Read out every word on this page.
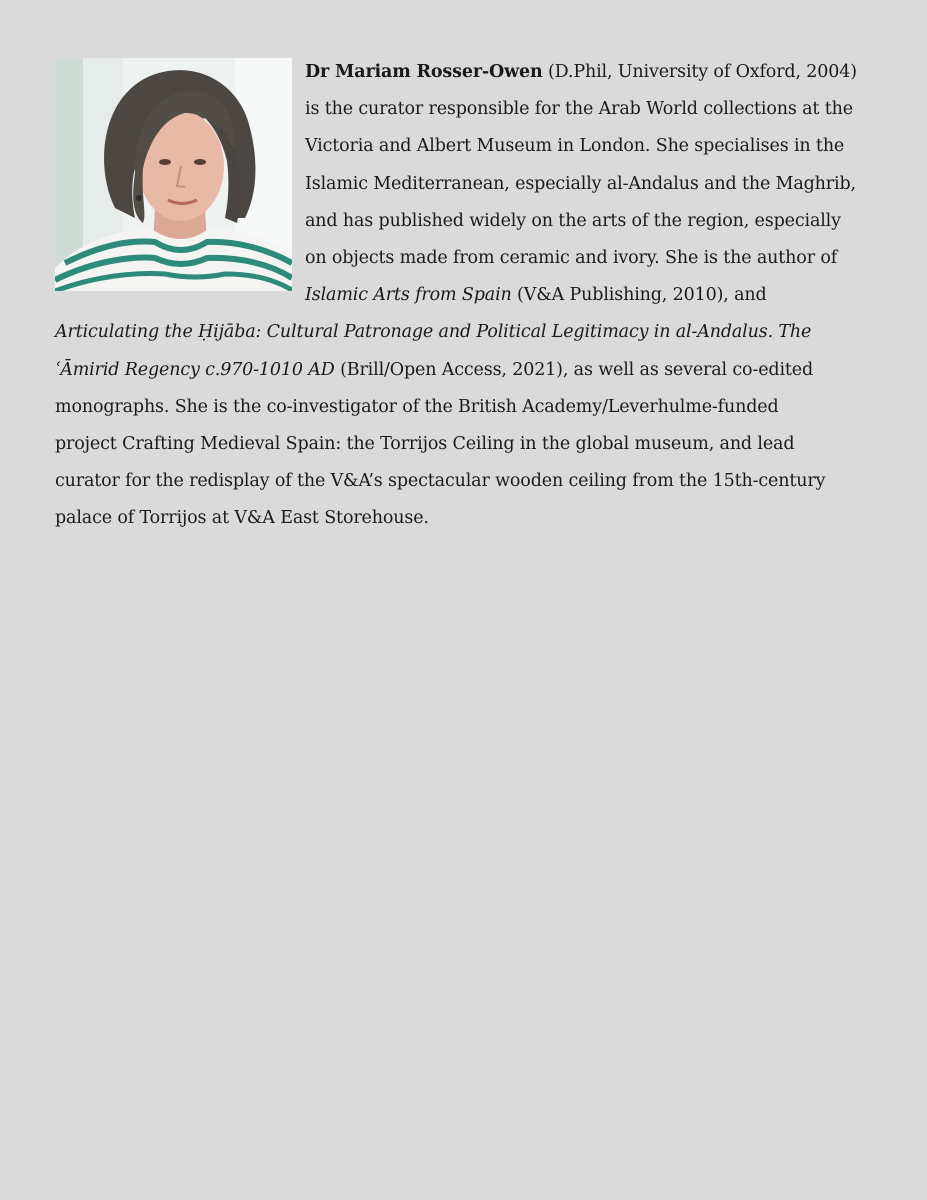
Dr Mariam Rosser-Owen (D.Phil, University of Oxford, 2004)
is the curator responsible for the Arab World collections at the
Victoria and Albert Museum in London. She specialises in the
Islamic Mediterranean, especially al-Andalus and the Maghrib,
and has published widely on the arts of the region, especially
on objects made from ceramic and ivory. She is the author of
Islamic Arts from Spain (V&A Publishing, 2010), and
Articulating the Ḥijāba: Cultural Patronage and Political Legitimacy in al-Andalus. The
ʿĀmirid Regency c.970-1010 AD (Brill/Open Access, 2021), as well as several co-edited
monographs. She is the co-investigator of the British Academy/Leverhulme-funded
project Crafting Medieval Spain: the Torrijos Ceiling in the global museum, and lead
curator for the redisplay of the V&A’s spectacular wooden ceiling from the 15th-century
palace of Torrijos at V&A East Storehouse.
